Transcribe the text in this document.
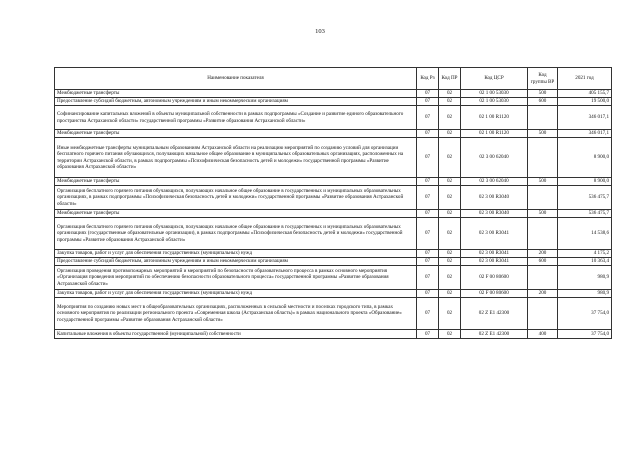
103
Наименование показателя	Код Рз	Код ПР	Код ЦСР	Код группы ВР	2021 год
Межбюджетные трансферты	07	02	02 1 00 53030	500	405 155,7
Предоставление субсидий бюджетным, автономным учреждениям и иным некоммерческим организациям	07	02	02 1 00 53030	600	19 500,0
Софинансирование капитальных вложений в объекты муниципальной собственности в рамках подпрограммы «Создание и развитие единого образовательного пространства Астраханской области» государственной программы «Развитие образования Астраханской области»	07	02	02 1 00 R1120		346 017,1
Межбюджетные трансферты	07	02	02 1 00 R1120	500	346 017,1
Иные межбюджетные трансферты муниципальным образованиям Астраханской области на реализацию мероприятий по созданию условий для организации бесплатного горячего питания обучающихся, получающих начальное общее образование в муниципальных образовательных организациях, расположенных на территории Астраханской области, в рамках подпрограммы «Психофизическая безопасность детей и молодежи» государственной программы «Развитие образования Астраханской области»	07	02	02 3 00 62040		8 900,0
Межбюджетные трансферты	07	02	02 3 00 62040	500	8 900,0
Организация бесплатного горячего питания обучающихся, получающих начальное общее образование в государственных и муниципальных образовательных организациях, в рамках подпрограммы «Психофизическая безопасность детей и молодежи» государственной программы «Развитие образования Астраханской области»	07	02	02 3 00 R3040		536 475,7
Межбюджетные трансферты	07	02	02 3 00 R3040	500	536 475,7
Организация бесплатного горячего питания обучающихся, получающих начальное общее образование в государственных и муниципальных образовательных организациях (государственные образовательные организации), в рамках подпрограммы «Психофизическая безопасность детей и молодежи» государственной программы «Развитие образования Астраханской области»	07	02	02 3 00 R3041		14 538,6
Закупка товаров, работ и услуг для обеспечения государственных (муниципальных) нужд	07	02	02 3 00 R3041	200	4 175,2
Предоставление субсидий бюджетным, автономным учреждениям и иным некоммерческим организациям	07	02	02 3 00 R3041	600	10 363,4
Организация проведения противопожарных мероприятий и мероприятий по безопасности образовательного процесса в рамках основного мероприятия «Организация проведения мероприятий по обеспечению безопасности образовательного процесса» государственной программы «Развитие образования Астраханской области»	07	02	02 F 00 80600		980,9
Закупка товаров, работ и услуг для обеспечения государственных (муниципальных) нужд	07	02	02 F 00 80600	200	980,9
Мероприятия по созданию новых мест в общеобразовательных организациях, расположенных в сельской местности и поселках городского типа, в рамках основного мероприятия по реализации регионального проекта «Современная школа (Астраханская область)» в рамках национального проекта «Образование» государственной программы «Развитие образования Астраханской области»	07	02	02 Z E1 42300		37 754,0
Капитальные вложения в объекты государственной (муниципальной) собственности	07	02	02 Z E1 42300	400	37 754,0
